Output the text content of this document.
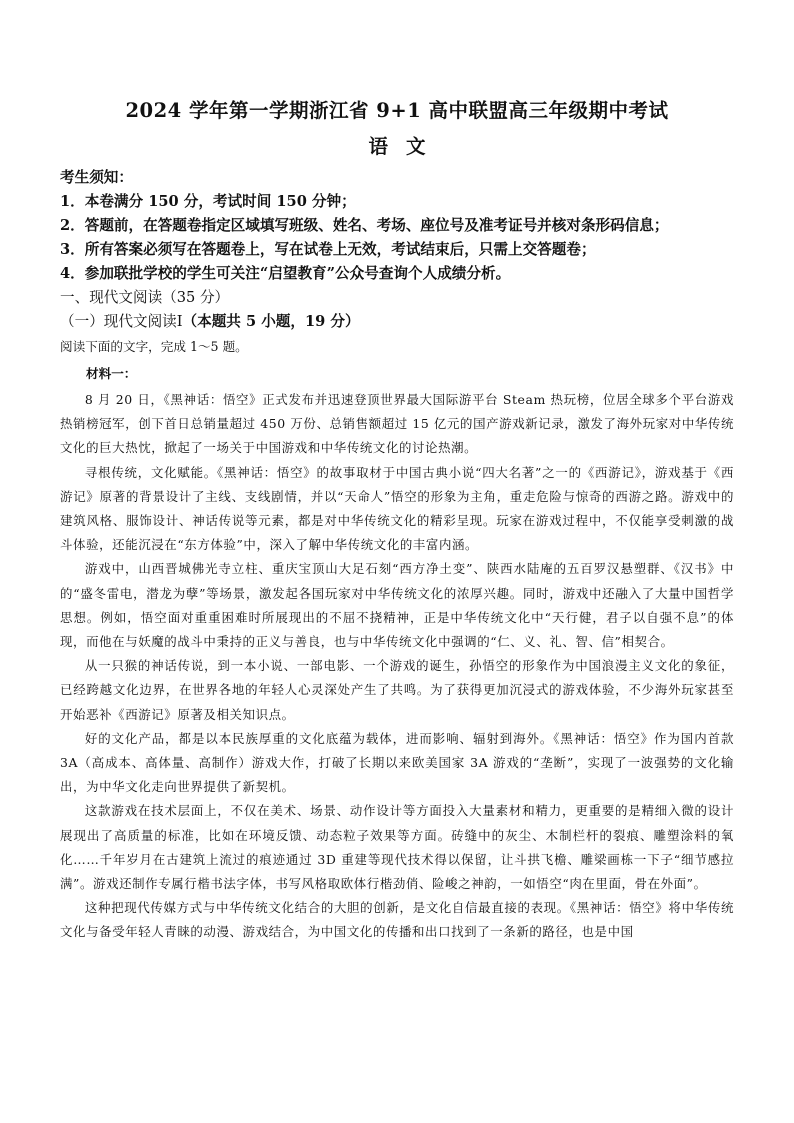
2024 学年第一学期浙江省 9+1 高中联盟高三年级期中考试
语文

考生须知：

1．本卷满分 150 分，考试时间 150 分钟；

2．答题前，在答题卷指定区域填写班级、姓名、考场、座位号及准考证号并核对条形码信息；

3．所有答案必须写在答题卷上，写在试卷上无效，考试结束后，只需上交答题卷；

4．参加联批学校的学生可关注“启望教育”公众号查询个人成绩分析。

一、现代文阅读（35 分）

（一）现代文阅读Ⅰ（本题共 5 小题，19 分）

阅读下面的文字，完成 1～5 题。

材料一：

8 月 20 日，《黑神话：悟空》正式发布并迅速登顶世界最大国际游平台 Steam 热玩榜，位居全球多个平台游戏热销榜冠军，创下首日总销量超过 450 万份、总销售额超过 15 亿元的国产游戏新记录，激发了海外玩家对中华传统文化的巨大热忱，掀起了一场关于中国游戏和中华传统文化的讨论热潮。

寻根传统，文化赋能。《黑神话：悟空》的故事取材于中国古典小说“四大名著”之一的《西游记》，游戏基于《西游记》原著的背景设计了主线、支线剧情，并以“天命人”悟空的形象为主角，重走危险与惊奇的西游之路。游戏中的建筑风格、服饰设计、神话传说等元素，都是对中华传统文化的精彩呈现。玩家在游戏过程中，不仅能享受刺激的战斗体验，还能沉浸在“东方体验”中，深入了解中华传统文化的丰富内涵。

游戏中，山西晋城佛光寺立柱、重庆宝顶山大足石刻“西方净土变”、陕西水陆庵的五百罗汉悬塑群、《汉书》中的“盛冬雷电，潜龙为孽”等场景，激发起各国玩家对中华传统文化的浓厚兴趣。同时，游戏中还融入了大量中国哲学思想。例如，悟空面对重重困难时所展现出的不屈不挠精神，正是中华传统文化中“天行健，君子以自强不息”的体现，而他在与妖魔的战斗中秉持的正义与善良，也与中华传统文化中强调的“仁、义、礼、智、信”相契合。

从一只猴的神话传说，到一本小说、一部电影、一个游戏的诞生，孙悟空的形象作为中国浪漫主义文化的象征，已经跨越文化边界，在世界各地的年轻人心灵深处产生了共鸣。为了获得更加沉浸式的游戏体验，不少海外玩家甚至开始恶补《西游记》原著及相关知识点。

好的文化产品，都是以本民族厚重的文化底蕴为载体，进而影响、辐射到海外。《黑神话：悟空》作为国内首款 3A（高成本、高体量、高制作）游戏大作，打破了长期以来欧美国家 3A 游戏的“垄断”，实现了一波强势的文化输出，为中华文化走向世界提供了新契机。

这款游戏在技术层面上，不仅在美术、场景、动作设计等方面投入大量素材和精力，更重要的是精细入微的设计展现出了高质量的标准，比如在环境反馈、动态粒子效果等方面。砖缝中的灰尘、木制栏杆的裂痕、雕塑涂料的氧化……千年岁月在古建筑上流过的痕迹通过 3D 重建等现代技术得以保留，让斗拱飞檐、雕梁画栋一下子“细节感拉满”。游戏还制作专属行楷书法字体，书写风格取欧体行楷劲俏、险峻之神韵，一如悟空“肉在里面，骨在外面”。

这种把现代传媒方式与中华传统文化结合的大胆的创新，是文化自信最直接的表现。《黑神话：悟空》将中华传统文化与备受年轻人青睐的动漫、游戏结合，为中国文化的传播和出口找到了一条新的路径，也是中国
